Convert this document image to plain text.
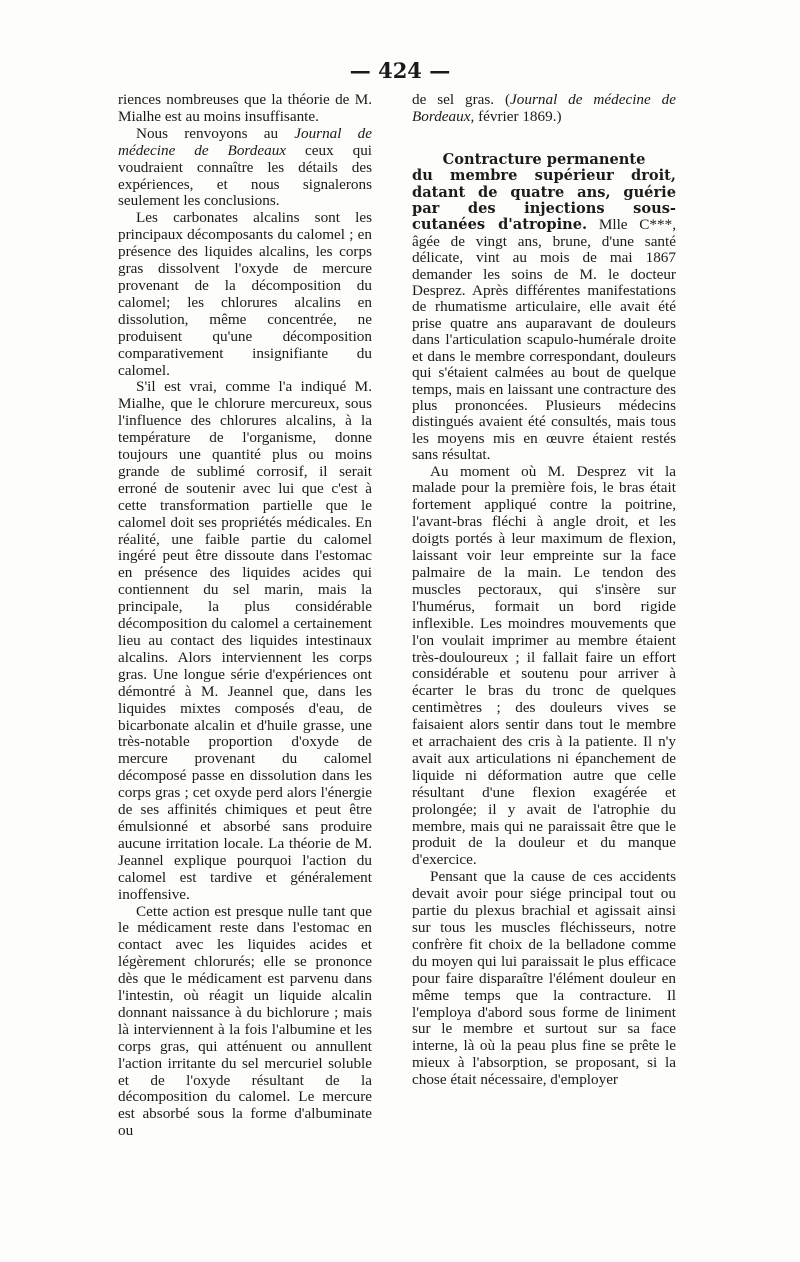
— 424 —

riences nombreuses que la théorie de M. Mialhe est au moins insuffisante.

Nous renvoyons au Journal de médecine de Bordeaux ceux qui voudraient connaître les détails des expériences, et nous signalerons seulement les conclusions.

Les carbonates alcalins sont les principaux décomposants du calomel ; en présence des liquides alcalins, les corps gras dissolvent l'oxyde de mercure provenant de la décomposition du calomel; les chlorures alcalins en dissolution, même concentrée, ne produisent qu'une décomposition comparativement insignifiante du calomel.

S'il est vrai, comme l'a indiqué M. Mialhe, que le chlorure mercureux, sous l'influence des chlorures alcalins, à la température de l'organisme, donne toujours une quantité plus ou moins grande de sublimé corrosif, il serait erroné de soutenir avec lui que c'est à cette transformation partielle que le calomel doit ses propriétés médicales. En réalité, une faible partie du calomel ingéré peut être dissoute dans l'estomac en présence des liquides acides qui contiennent du sel marin, mais la principale, la plus considérable décomposition du calomel a certainement lieu au contact des liquides intestinaux alcalins. Alors interviennent les corps gras. Une longue série d'expériences ont démontré à M. Jeannel que, dans les liquides mixtes composés d'eau, de bicarbonate alcalin et d'huile grasse, une très-notable proportion d'oxyde de mercure provenant du calomel décomposé passe en dissolution dans les corps gras ; cet oxyde perd alors l'énergie de ses affinités chimiques et peut être émulsionné et absorbé sans produire aucune irritation locale. La théorie de M. Jeannel explique pourquoi l'action du calomel est tardive et généralement inoffensive.

Cette action est presque nulle tant que le médicament reste dans l'estomac en contact avec les liquides acides et légèrement chlorurés; elle se prononce dès que le médicament est parvenu dans l'intestin, où réagit un liquide alcalin donnant naissance à du bichlorure ; mais là interviennent à la fois l'albumine et les corps gras, qui atténuent ou annullent l'action irritante du sel mercuriel soluble et de l'oxyde résultant de la décomposition du calomel. Le mercure est absorbé sous la forme d'albuminate ou

de sel gras. (Journal de médecine de Bordeaux, février 1869.)

Contracture permanente
du membre supérieur droit, datant de quatre ans, guérie par des injections sous-cutanées d'atropine. Mlle C***, âgée de vingt ans, brune, d'une santé délicate, vint au mois de mai 1867 demander les soins de M. le docteur Desprez. Après différentes manifestations de rhumatisme articulaire, elle avait été prise quatre ans auparavant de douleurs dans l'articulation scapulo-humérale droite et dans le membre correspondant, douleurs qui s'étaient calmées au bout de quelque temps, mais en laissant une contracture des plus prononcées. Plusieurs médecins distingués avaient été consultés, mais tous les moyens mis en œuvre étaient restés sans résultat.

Au moment où M. Desprez vit la malade pour la première fois, le bras était fortement appliqué contre la poitrine, l'avant-bras fléchi à angle droit, et les doigts portés à leur maximum de flexion, laissant voir leur empreinte sur la face palmaire de la main. Le tendon des muscles pectoraux, qui s'insère sur l'humérus, formait un bord rigide inflexible. Les moindres mouvements que l'on voulait imprimer au membre étaient très-douloureux ; il fallait faire un effort considérable et soutenu pour arriver à écarter le bras du tronc de quelques centimètres ; des douleurs vives se faisaient alors sentir dans tout le membre et arrachaient des cris à la patiente. Il n'y avait aux articulations ni épanchement de liquide ni déformation autre que celle résultant d'une flexion exagérée et prolongée; il y avait de l'atrophie du membre, mais qui ne paraissait être que le produit de la douleur et du manque d'exercice.

Pensant que la cause de ces accidents devait avoir pour siége principal tout ou partie du plexus brachial et agissait ainsi sur tous les muscles fléchisseurs, notre confrère fit choix de la belladone comme du moyen qui lui paraissait le plus efficace pour faire disparaître l'élément douleur en même temps que la contracture. Il l'employa d'abord sous forme de liniment sur le membre et surtout sur sa face interne, là où la peau plus fine se prête le mieux à l'absorption, se proposant, si la chose était nécessaire, d'employer
